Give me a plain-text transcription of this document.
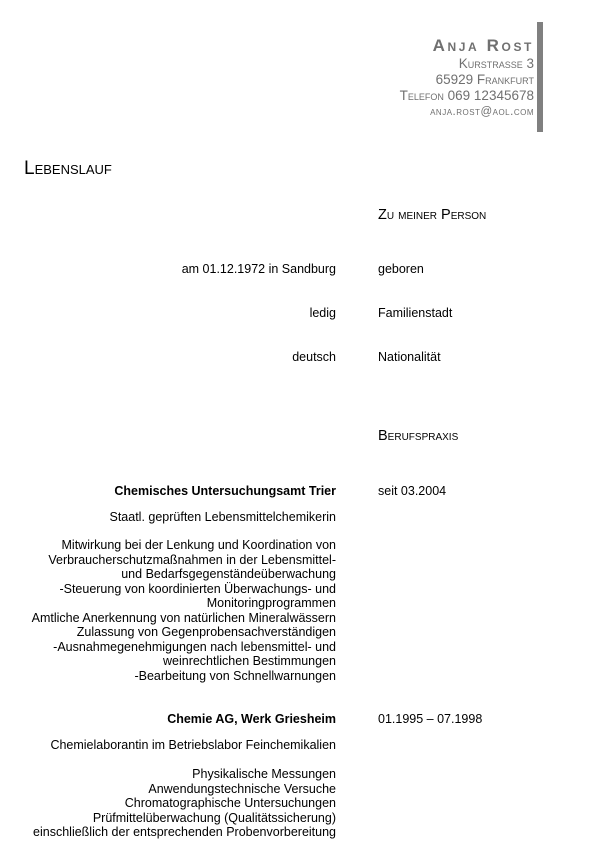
Anja Rost
Kurstrasse 3
65929 Frankfurt
Telefon 069 12345678
anja.rost@aol.com
Lebenslauf
Zu meiner Person
am 01.12.1972 in Sandburg	geboren
ledig	Familienstadt
deutsch	Nationalität
Berufspraxis
Chemisches Untersuchungsamt Trier	seit 03.2004
Staatl. geprüften Lebensmittelchemikerin
Mitwirkung bei der Lenkung und Koordination von
Verbraucherschutzmaßnahmen in der Lebensmittel-
und Bedarfsgegenständeüberwachung
-Steuerung von koordinierten Überwachungs- und
Monitoringprogrammen
Amtliche Anerkennung von natürlichen Mineralwässern
Zulassung von Gegenprobensachverständigen
-Ausnahmegenehmigungen nach lebensmittel- und
weinrechtlichen Bestimmungen
-Bearbeitung von Schnellwarnungen
Chemie AG, Werk Griesheim	01.1995 – 07.1998
Chemielaborantin im Betriebslabor Feinchemikalien
Physikalische Messungen
Anwendungstechnische Versuche
Chromatographische Untersuchungen
Prüfmittelüberwachung (Qualitätssicherung)
einschließlich der entsprechenden Probenvorbereitung
